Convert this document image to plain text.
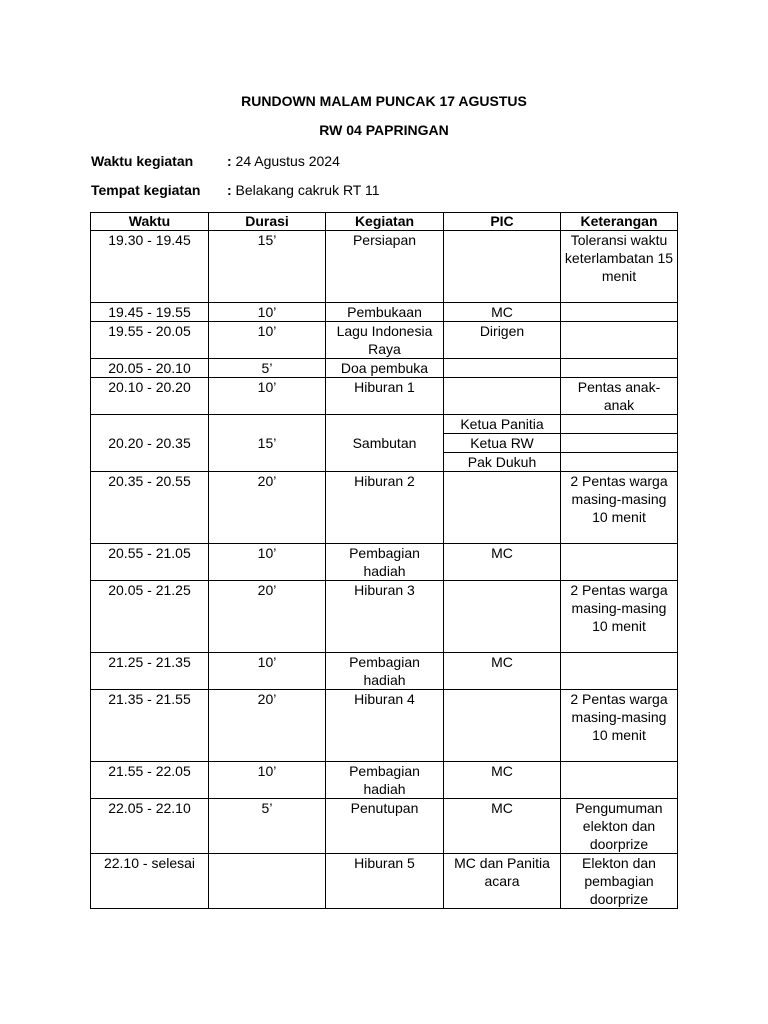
RUNDOWN MALAM PUNCAK 17 AGUSTUS
RW 04 PAPRINGAN
Waktu kegiatan : 24 Agustus 2024
Tempat kegiatan : Belakang cakruk RT 11
Waktu	Durasi	Kegiatan	PIC	Keterangan
19.30 - 19.45	15’	Persiapan		Toleransi waktu keterlambatan 15 menit
19.45 - 19.55	10’	Pembukaan	MC	
19.55 - 20.05	10’	Lagu Indonesia Raya	Dirigen	
20.05 - 20.10	5’	Doa pembuka		
20.10 - 20.20	10’	Hiburan 1		Pentas anak-anak
20.20 - 20.35	15’	Sambutan	Ketua Panitia	
			Ketua RW	
			Pak Dukuh	
20.35 - 20.55	20’	Hiburan 2		2 Pentas warga masing-masing 10 menit
20.55 - 21.05	10’	Pembagian hadiah	MC	
20.05 - 21.25	20’	Hiburan 3		2 Pentas warga masing-masing 10 menit
21.25 - 21.35	10’	Pembagian hadiah	MC	
21.35 - 21.55	20’	Hiburan 4		2 Pentas warga masing-masing 10 menit
21.55 - 22.05	10’	Pembagian hadiah	MC	
22.05 - 22.10	5’	Penutupan	MC	Pengumuman elekton dan doorprize
22.10 - selesai		Hiburan 5	MC dan Panitia acara	Elekton dan pembagian doorprize
